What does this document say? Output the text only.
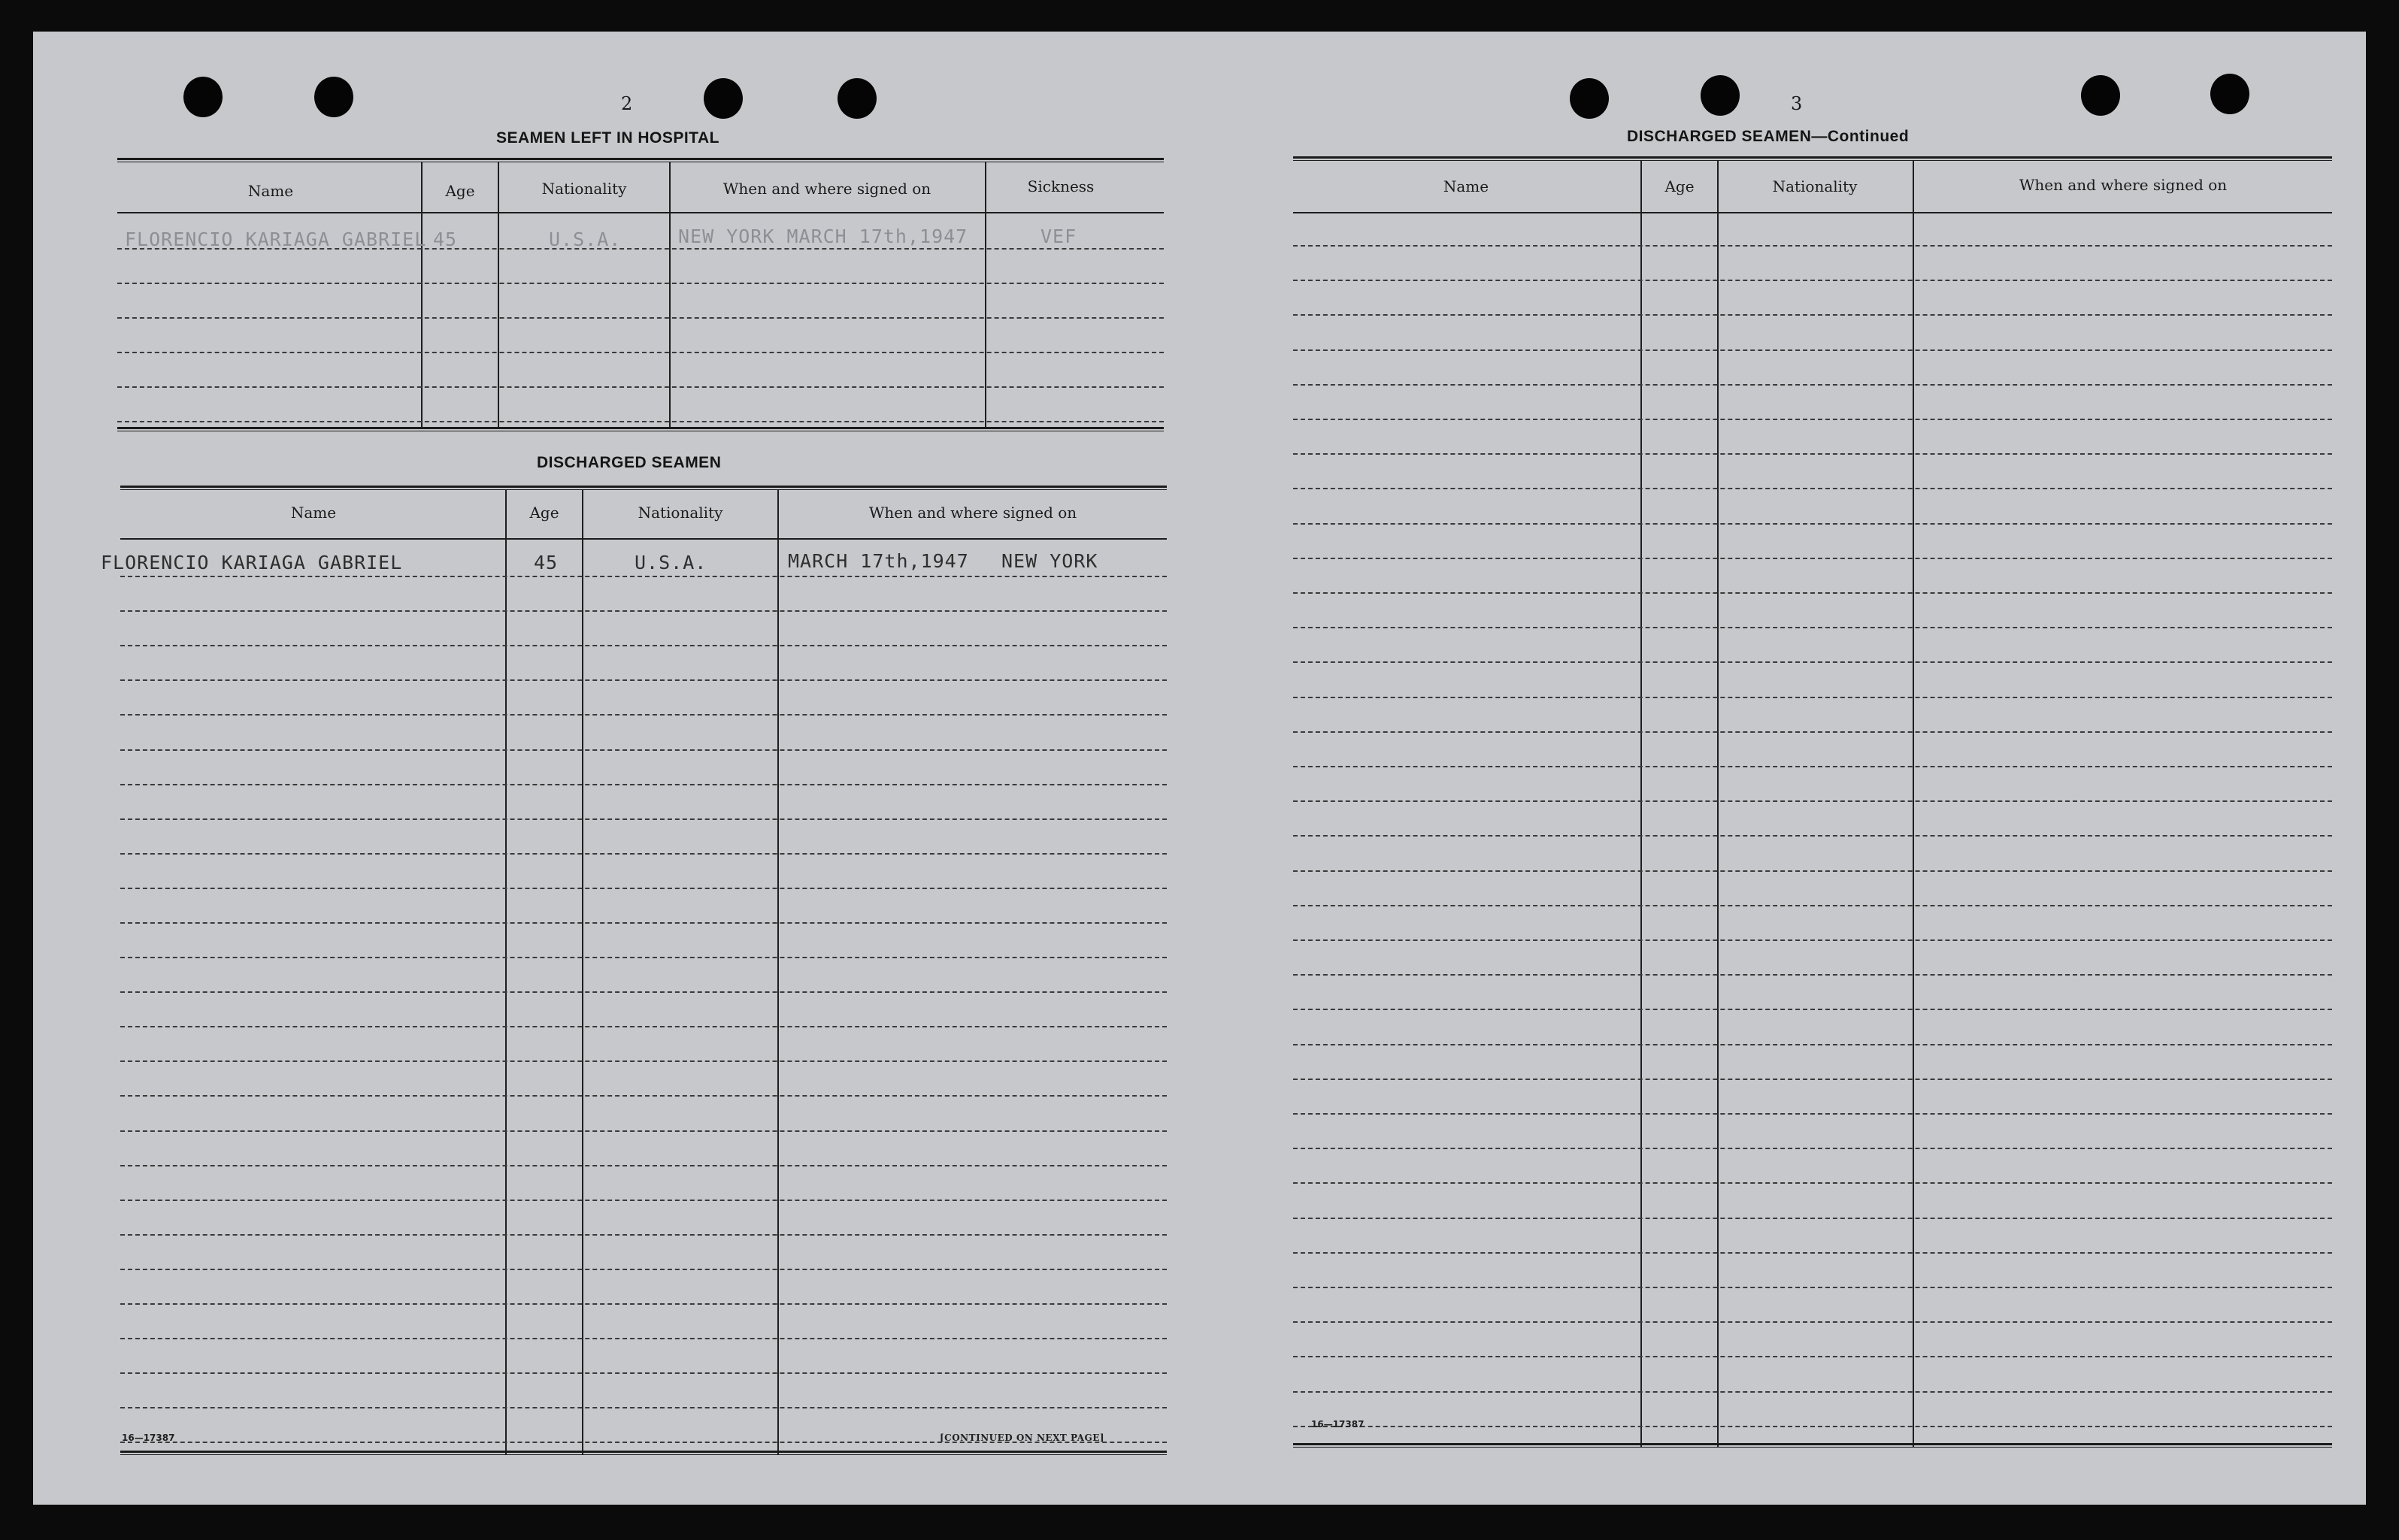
2
SEAMEN LEFT IN HOSPITAL
Name	Age	Nationality	When and where signed on	Sickness
FLORENCIO KARIAGA GABRIEL 45	U.S.A.	NEW YORK MARCH 17th,1947	VEF
DISCHARGED SEAMEN
Name	Age	Nationality	When and where signed on
FLORENCIO KARIAGA GABRIEL	45	U.S.A.	MARCH 17th,1947 NEW YORK
16—17387	[CONTINUED ON NEXT PAGE]
3
DISCHARGED SEAMEN—Continued
Name	Age	Nationality	When and where signed on
16—17387
